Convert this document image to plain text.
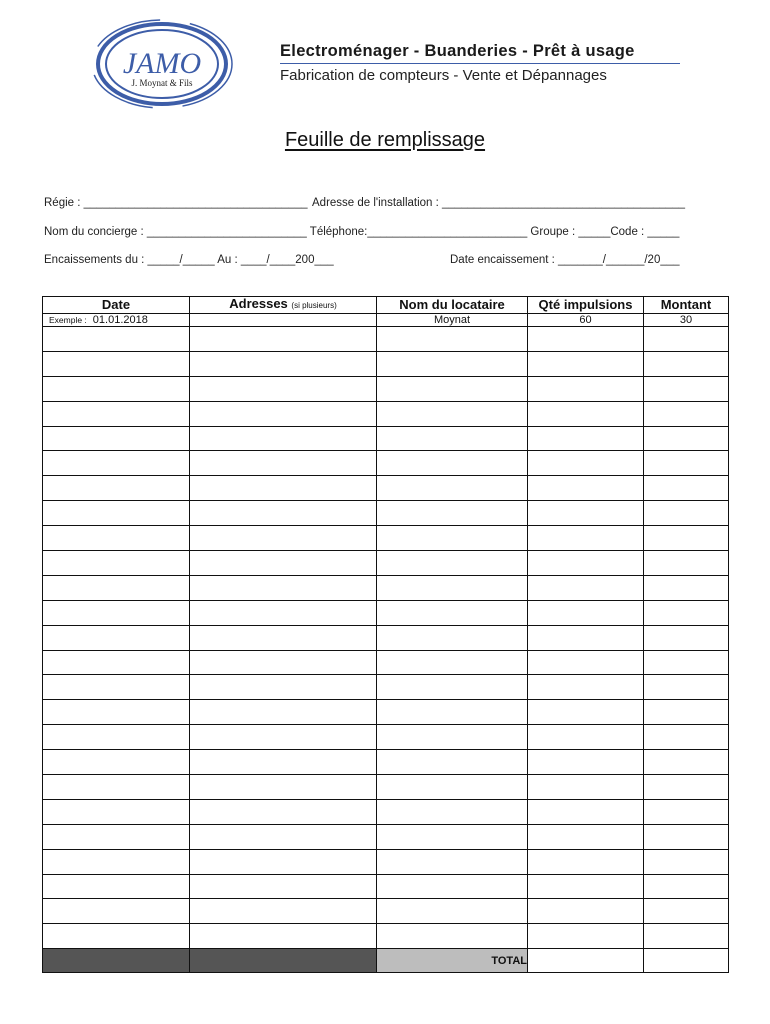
JAMO
J. Moynat & Fils
Electroménager - Buanderies - Prêt à usage
Fabrication de compteurs - Vente et Dépannages
Feuille de remplissage
Régie : ___________________________________ Adresse de l'installation : ______________________________________
Nom du concierge : _________________________ Téléphone:_________________________ Groupe : _____Code : _____
Encaissements du : _____/_____ Au : ____/____200___	Date encaissement : _______/______/20___
Date	Adresses (si plusieurs)	Nom du locataire	Qté impulsions	Montant
Exemple : 01.01.2018		Moynat	60	30

		TOTAL		
